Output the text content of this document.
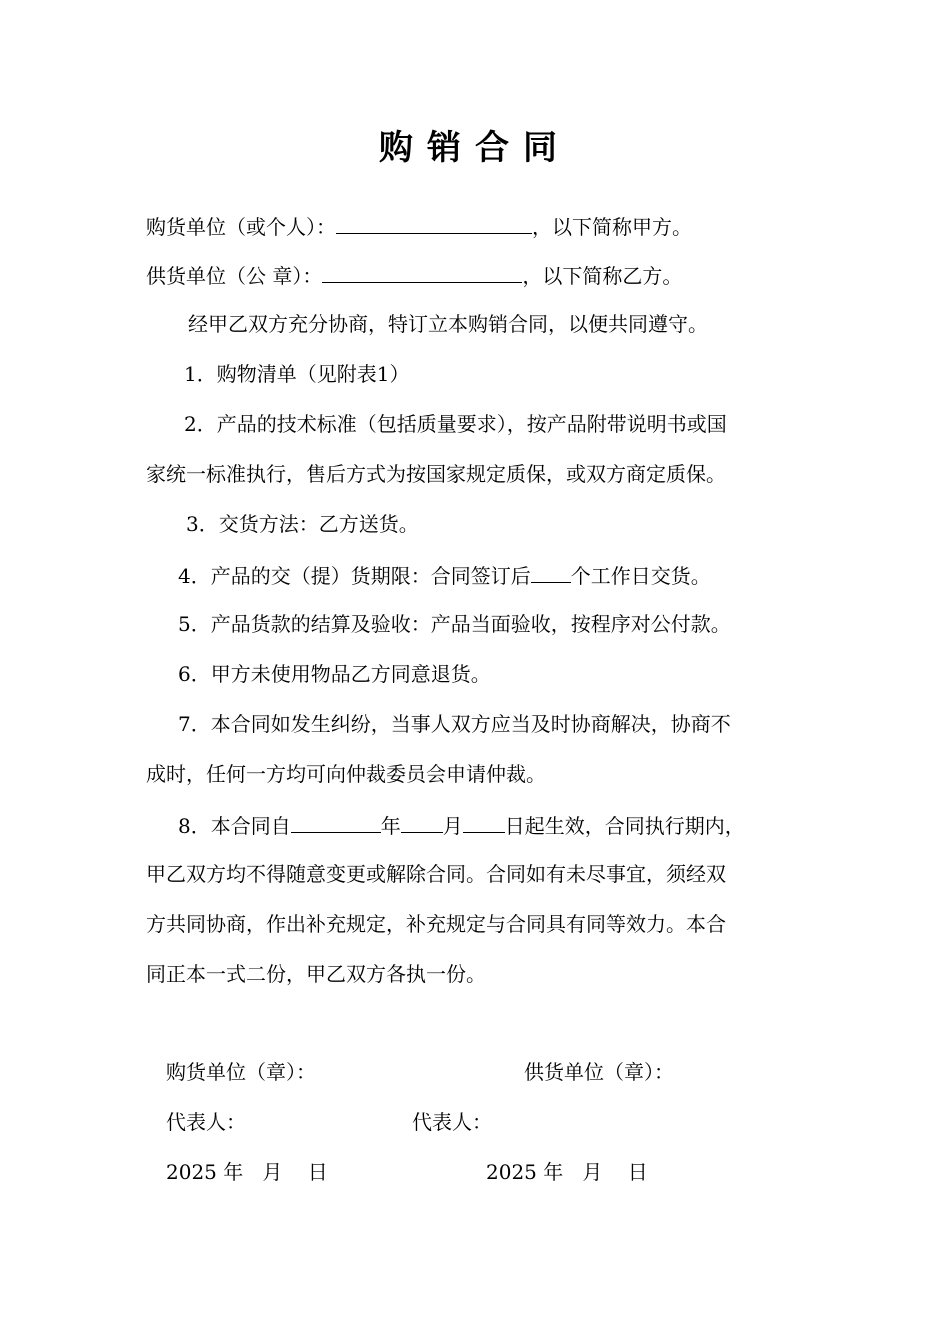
购销合同
购货单位（或个人）：	，以下简称甲方。
供货单位（公 章）：	，以下简称乙方。
经甲乙双方充分协商，特订立本购销合同，以便共同遵守。
1．购物清单（见附表1）
2．产品的技术标准（包括质量要求），按产品附带说明书或国
家统一标准执行，售后方式为按国家规定质保，或双方商定质保。
3．交货方法：乙方送货。
4．产品的交（提）货期限：合同签订后 个工作日交货。
5．产品货款的结算及验收：产品当面验收，按程序对公付款。
6．甲方未使用物品乙方同意退货。
7．本合同如发生纠纷，当事人双方应当及时协商解决，协商不
成时，任何一方均可向仲裁委员会申请仲裁。
8．本合同自	年 月 日起生效，合同执行期内，
甲乙双方均不得随意变更或解除合同。合同如有未尽事宜，须经双
方共同协商，作出补充规定，补充规定与合同具有同等效力。本合
同正本一式二份，甲乙双方各执一份。
购货单位（章）：	供货单位（章）：
代表人：	代表人：
2025 年   月    日	2025 年   月    日
